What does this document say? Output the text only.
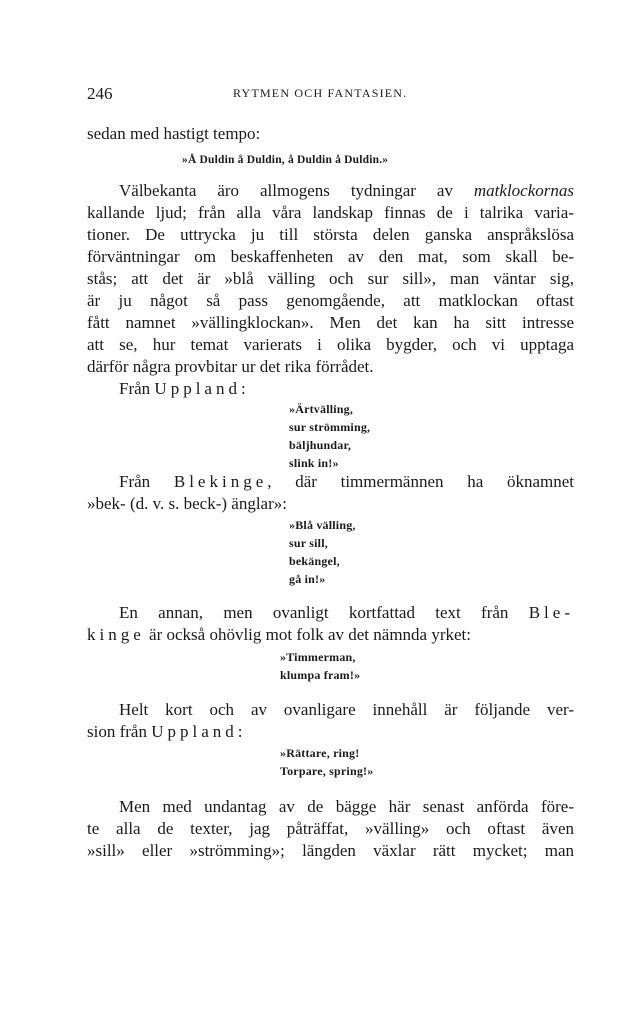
246	RYTMEN OCH FANTASIEN.
sedan med hastigt tempo:
»Å Duldin å Duldin, å Duldin å Duldin.»
Välbekanta äro allmogens tydningar av matklockornas
kallande ljud; från alla våra landskap finnas de i talrika varia-
tioner. De uttrycka ju till största delen ganska anspråkslösa
förväntningar om beskaffenheten av den mat, som skall be-
stås; att det är »blå välling och sur sill», man väntar sig,
är ju något så pass genomgående, att matklockan oftast
fått namnet »vällingklockan». Men det kan ha sitt intresse
att se, hur temat varierats i olika bygder, och vi upptaga
därför några provbitar ur det rika förrådet.
Från Uppland:
»Ärtvälling,
sur strömming,
bäljhundar,
slink in!»
Från Blekinge, där timmermännen ha öknamnet
»bek- (d. v. s. beck-) änglar»:
»Blå välling,
sur sill,
bekängel,
gå in!»
En annan, men ovanligt kortfattad text från Ble-
kinge är också ohövlig mot folk av det nämnda yrket:
»Timmerman,
klumpa fram!»
Helt kort och av ovanligare innehåll är följande ver-
sion från Uppland:
»Rättare, ring!
Torpare, spring!»
Men med undantag av de bägge här senast anförda före-
te alla de texter, jag påträffat, »välling» och oftast även
»sill» eller »strömming»; längden växlar rätt mycket; man
